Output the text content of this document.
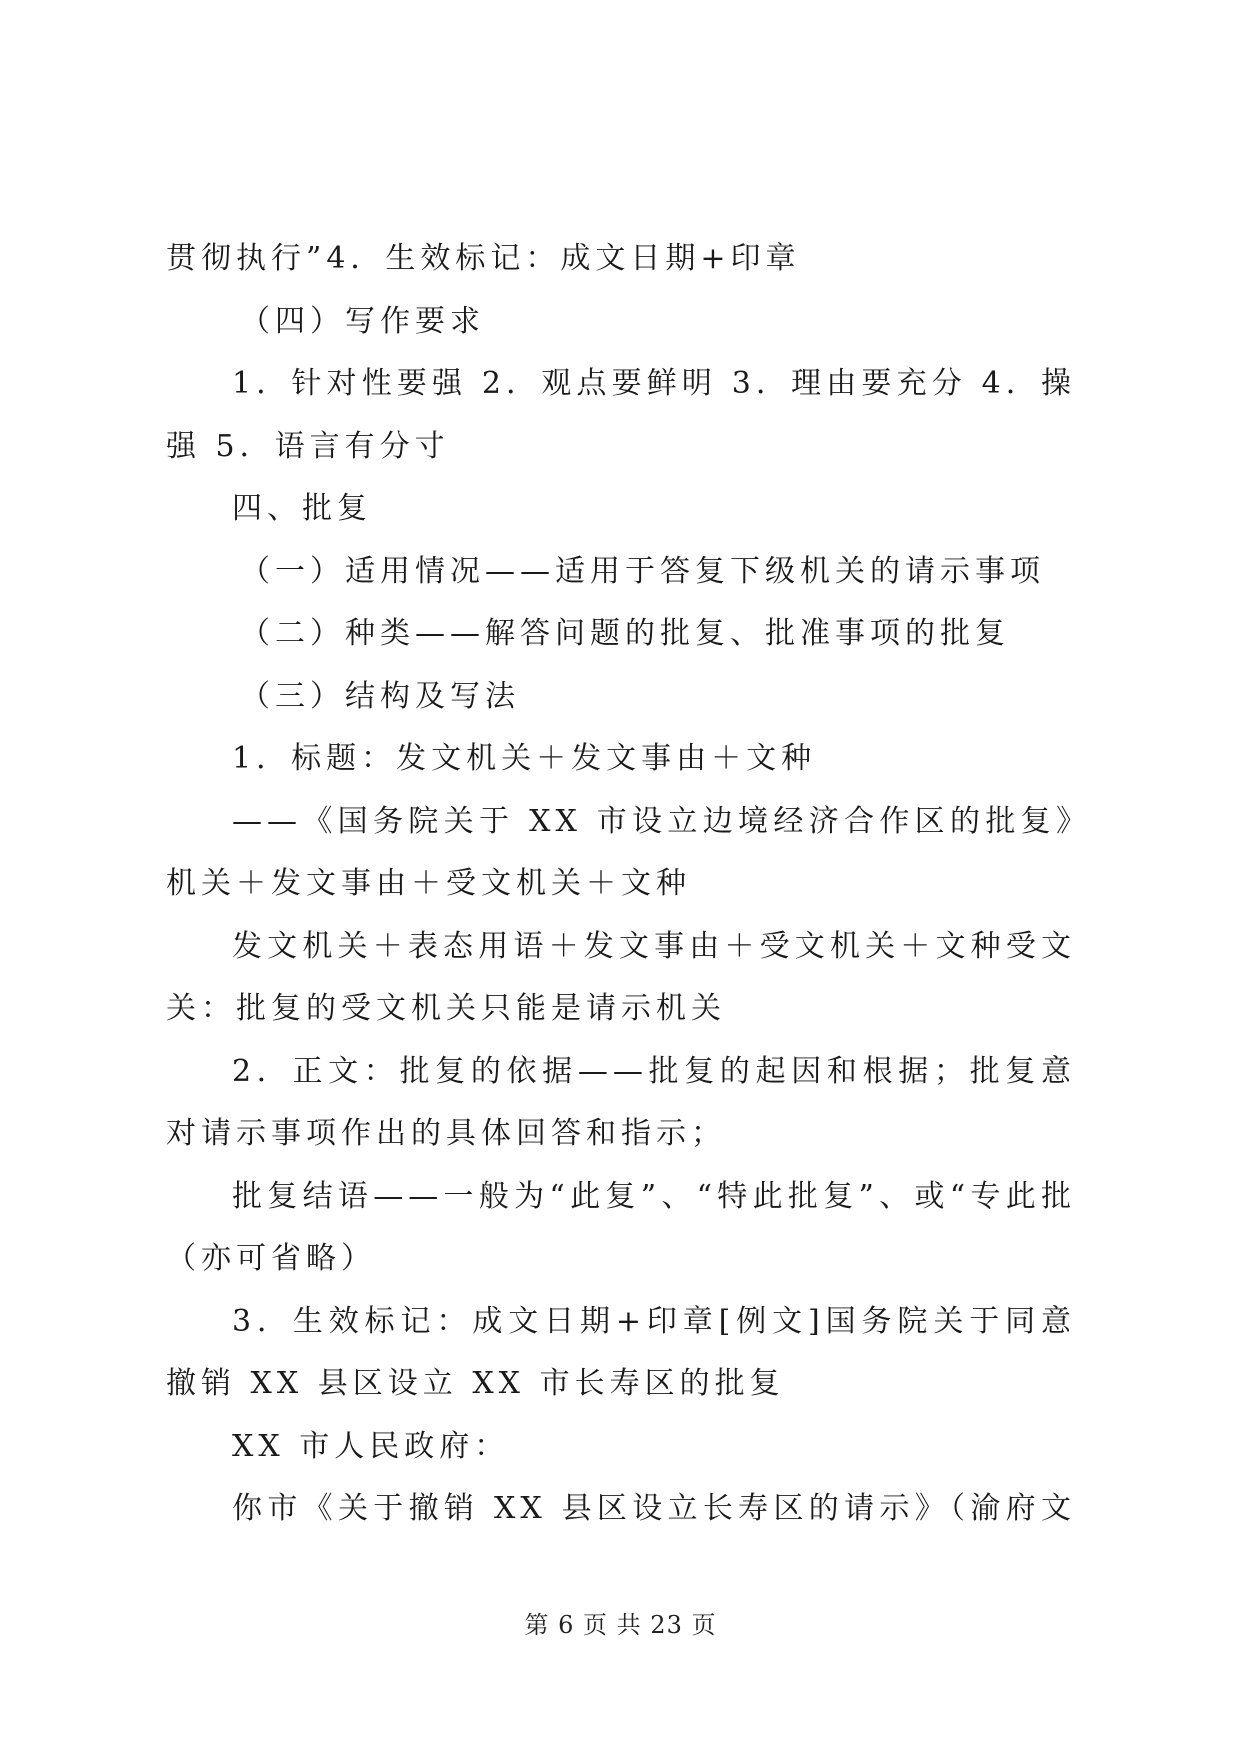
贯彻执行”4．生效标记：成文日期+印章
（四）写作要求
1．针对性要强 2．观点要鲜明 3．理由要充分 4．操
强 5．语言有分寸
四、批复
（一）适用情况——适用于答复下级机关的请示事项
（二）种类——解答问题的批复、批准事项的批复
（三）结构及写法
1．标题：发文机关＋发文事由＋文种
——《国务院关于 XX 市设立边境经济合作区的批复》
机关＋发文事由＋受文机关＋文种
发文机关＋表态用语＋发文事由＋受文机关＋文种受文
关：批复的受文机关只能是请示机关
2．正文：批复的依据——批复的起因和根据；批复意
对请示事项作出的具体回答和指示；
批复结语——一般为“此复”、“特此批复”、或“专此批
（亦可省略）
3．生效标记：成文日期+印章[例文]国务院关于同意
撤销 XX 县区设立 XX 市长寿区的批复
XX 市人民政府：
你市《关于撤销 XX 县区设立长寿区的请示》（渝府文
第 6 页 共 23 页
